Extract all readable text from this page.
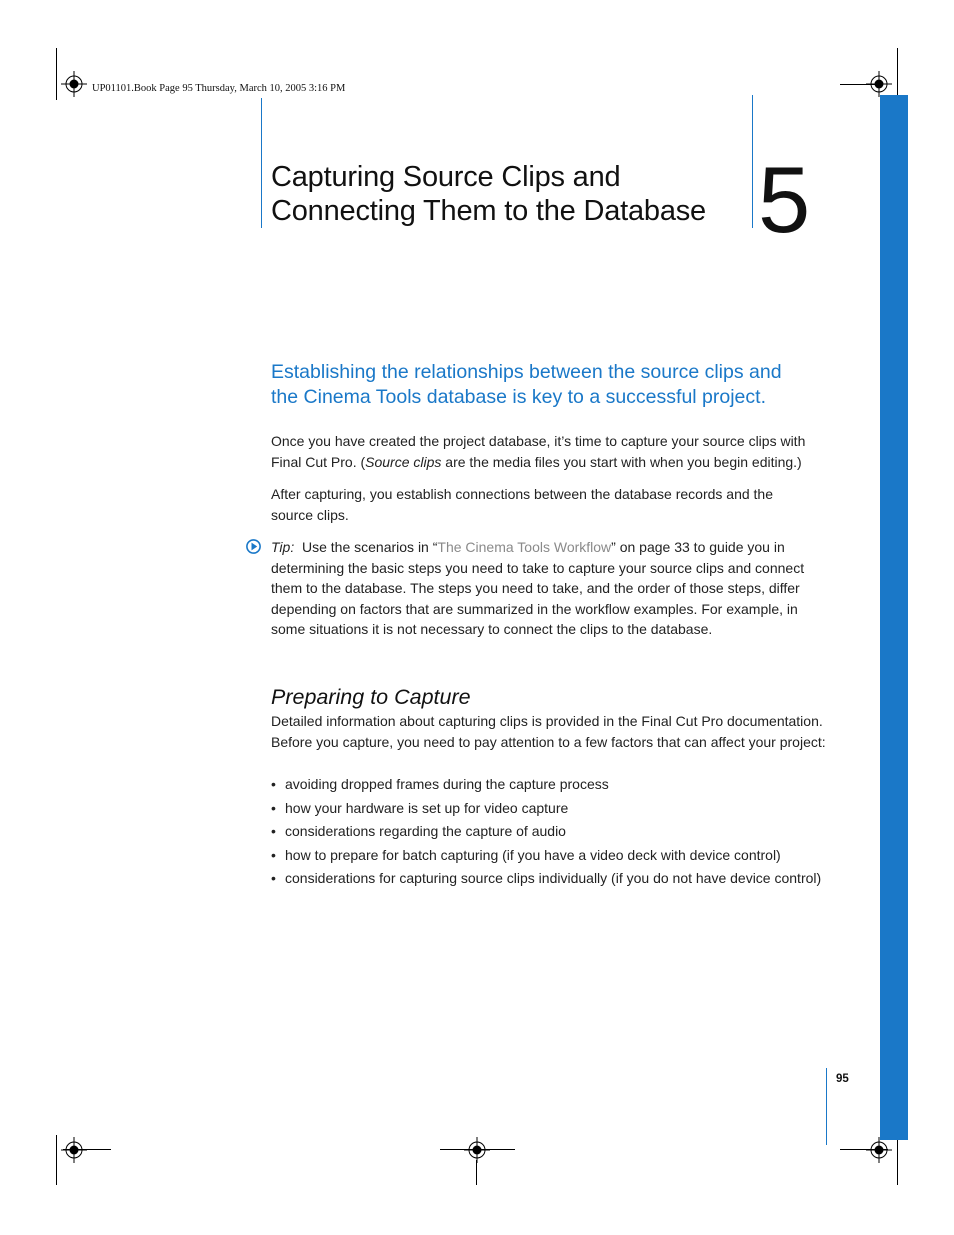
UP01101.Book Page 95 Thursday, March 10, 2005 3:16 PM
Capturing Source Clips and
Connecting Them to the Database 5
Establishing the relationships between the source clips and
the Cinema Tools database is key to a successful project.
Once you have created the project database, it’s time to capture your source clips with Final Cut Pro. (Source clips are the media files you start with when you begin editing.)
After capturing, you establish connections between the database records and the source clips.
Tip:  Use the scenarios in “The Cinema Tools Workflow” on page 33 to guide you in determining the basic steps you need to take to capture your source clips and connect them to the database. The steps you need to take, and the order of those steps, differ depending on factors that are summarized in the workflow examples. For example, in some situations it is not necessary to connect the clips to the database.
Preparing to Capture
Detailed information about capturing clips is provided in the Final Cut Pro documentation. Before you capture, you need to pay attention to a few factors that can affect your project:
• avoiding dropped frames during the capture process
• how your hardware is set up for video capture
• considerations regarding the capture of audio
• how to prepare for batch capturing (if you have a video deck with device control)
• considerations for capturing source clips individually (if you do not have device control)
95
